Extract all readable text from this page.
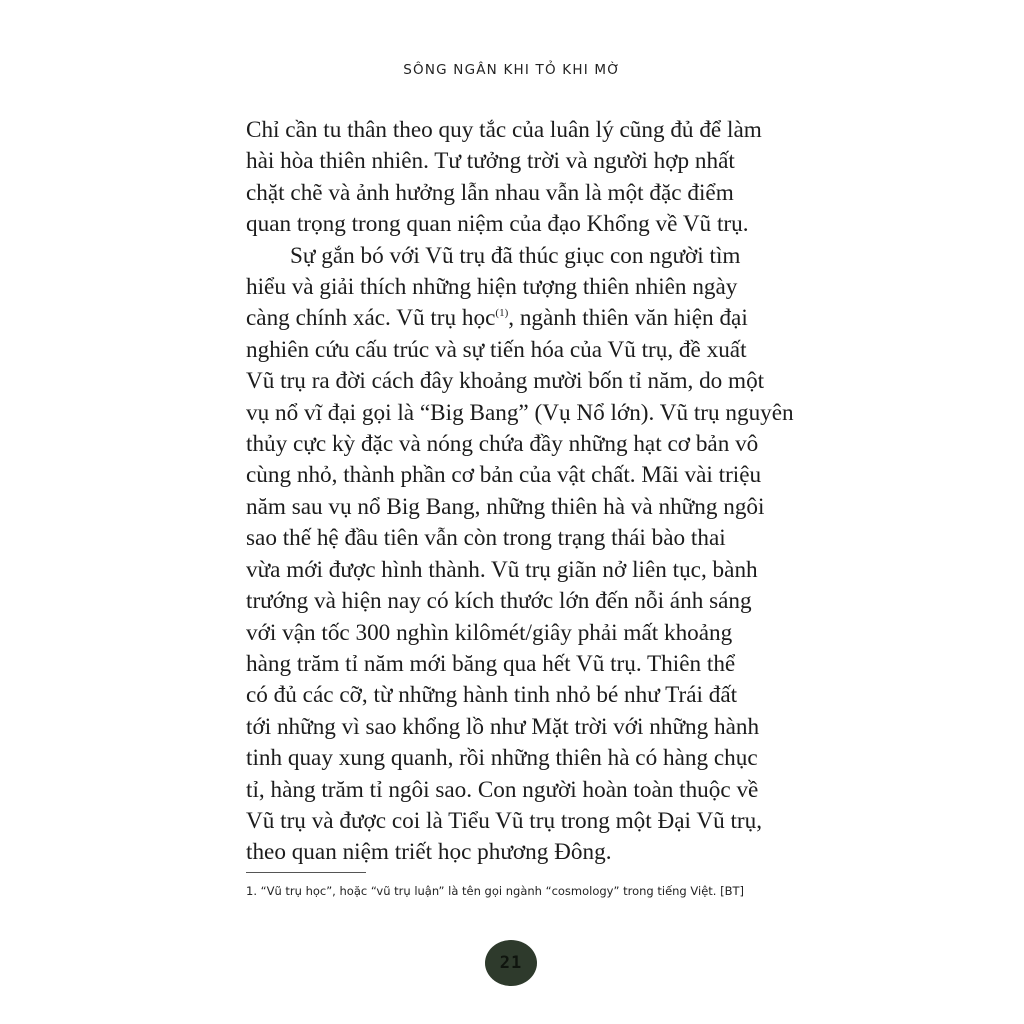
SÔNG NGÂN KHI TỎ KHI MỜ
Chỉ cần tu thân theo quy tắc của luân lý cũng đủ để làm
hài hòa thiên nhiên. Tư tưởng trời và người hợp nhất
chặt chẽ và ảnh hưởng lẫn nhau vẫn là một đặc điểm
quan trọng trong quan niệm của đạo Khổng về Vũ trụ.
Sự gắn bó với Vũ trụ đã thúc giục con người tìm
hiểu và giải thích những hiện tượng thiên nhiên ngày
càng chính xác. Vũ trụ học$^{(1)}$, ngành thiên văn hiện đại
nghiên cứu cấu trúc và sự tiến hóa của Vũ trụ, đề xuất
Vũ trụ ra đời cách đây khoảng mười bốn tỉ năm, do một
vụ nổ vĩ đại gọi là “Big Bang” (Vụ Nổ lớn). Vũ trụ nguyên
thủy cực kỳ đặc và nóng chứa đầy những hạt cơ bản vô
cùng nhỏ, thành phần cơ bản của vật chất. Mãi vài triệu
năm sau vụ nổ Big Bang, những thiên hà và những ngôi
sao thế hệ đầu tiên vẫn còn trong trạng thái bào thai
vừa mới được hình thành. Vũ trụ giãn nở liên tục, bành
trướng và hiện nay có kích thước lớn đến nỗi ánh sáng
với vận tốc 300 nghìn kilômét/giây phải mất khoảng
hàng trăm tỉ năm mới băng qua hết Vũ trụ. Thiên thể
có đủ các cỡ, từ những hành tinh nhỏ bé như Trái đất
tới những vì sao khổng lồ như Mặt trời với những hành
tinh quay xung quanh, rồi những thiên hà có hàng chục
tỉ, hàng trăm tỉ ngôi sao. Con người hoàn toàn thuộc về
Vũ trụ và được coi là Tiểu Vũ trụ trong một Đại Vũ trụ,
theo quan niệm triết học phương Đông.
1. “Vũ trụ học”, hoặc “vũ trụ luận” là tên gọi ngành “cosmology” trong tiếng Việt. [BT]
21
